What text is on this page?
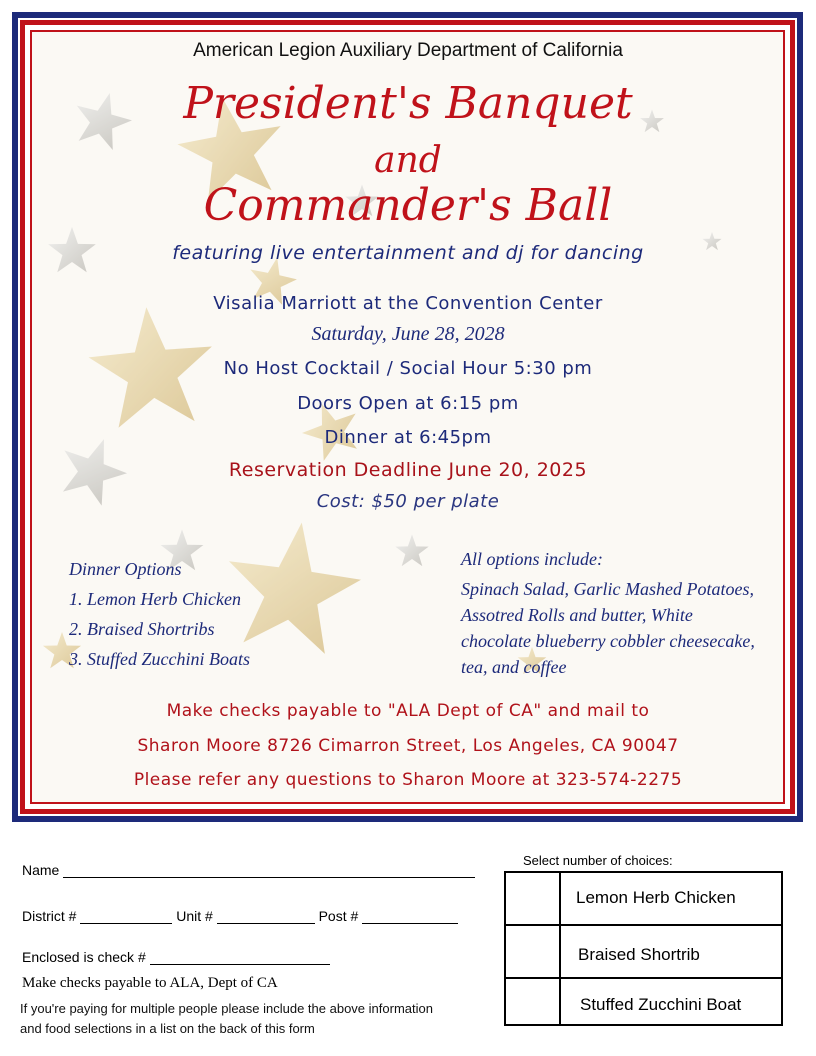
American Legion Auxiliary Department of California
President's Banquet
and
Commander's Ball
featuring live entertainment and dj for dancing
Visalia Marriott at the Convention Center
Saturday, June 28, 2028
No Host Cocktail / Social Hour 5:30 pm
Doors Open at 6:15 pm
Dinner at 6:45pm
Reservation Deadline June 20, 2025
Cost: $50 per plate
Dinner Options
1. Lemon Herb Chicken
2. Braised Shortribs
3. Stuffed Zucchini Boats
All options include:
Spinach Salad, Garlic Mashed Potatoes,
Assotred Rolls and butter, White
chocolate blueberry cobbler cheesecake,
tea, and coffee
Make checks payable to "ALA Dept of CA" and mail to
Sharon Moore 8726 Cimarron Street, Los Angeles, CA 90047
Please refer any questions to Sharon Moore at 323-574-2275
Name
District #	Unit #	Post #
Enclosed is check #
Make checks payable to ALA, Dept of CA
If you're paying for multiple people please include the above information
and food selections in a list on the back of this form
Select number of choices:
Lemon Herb Chicken
Braised Shortrib
Stuffed Zucchini Boat
